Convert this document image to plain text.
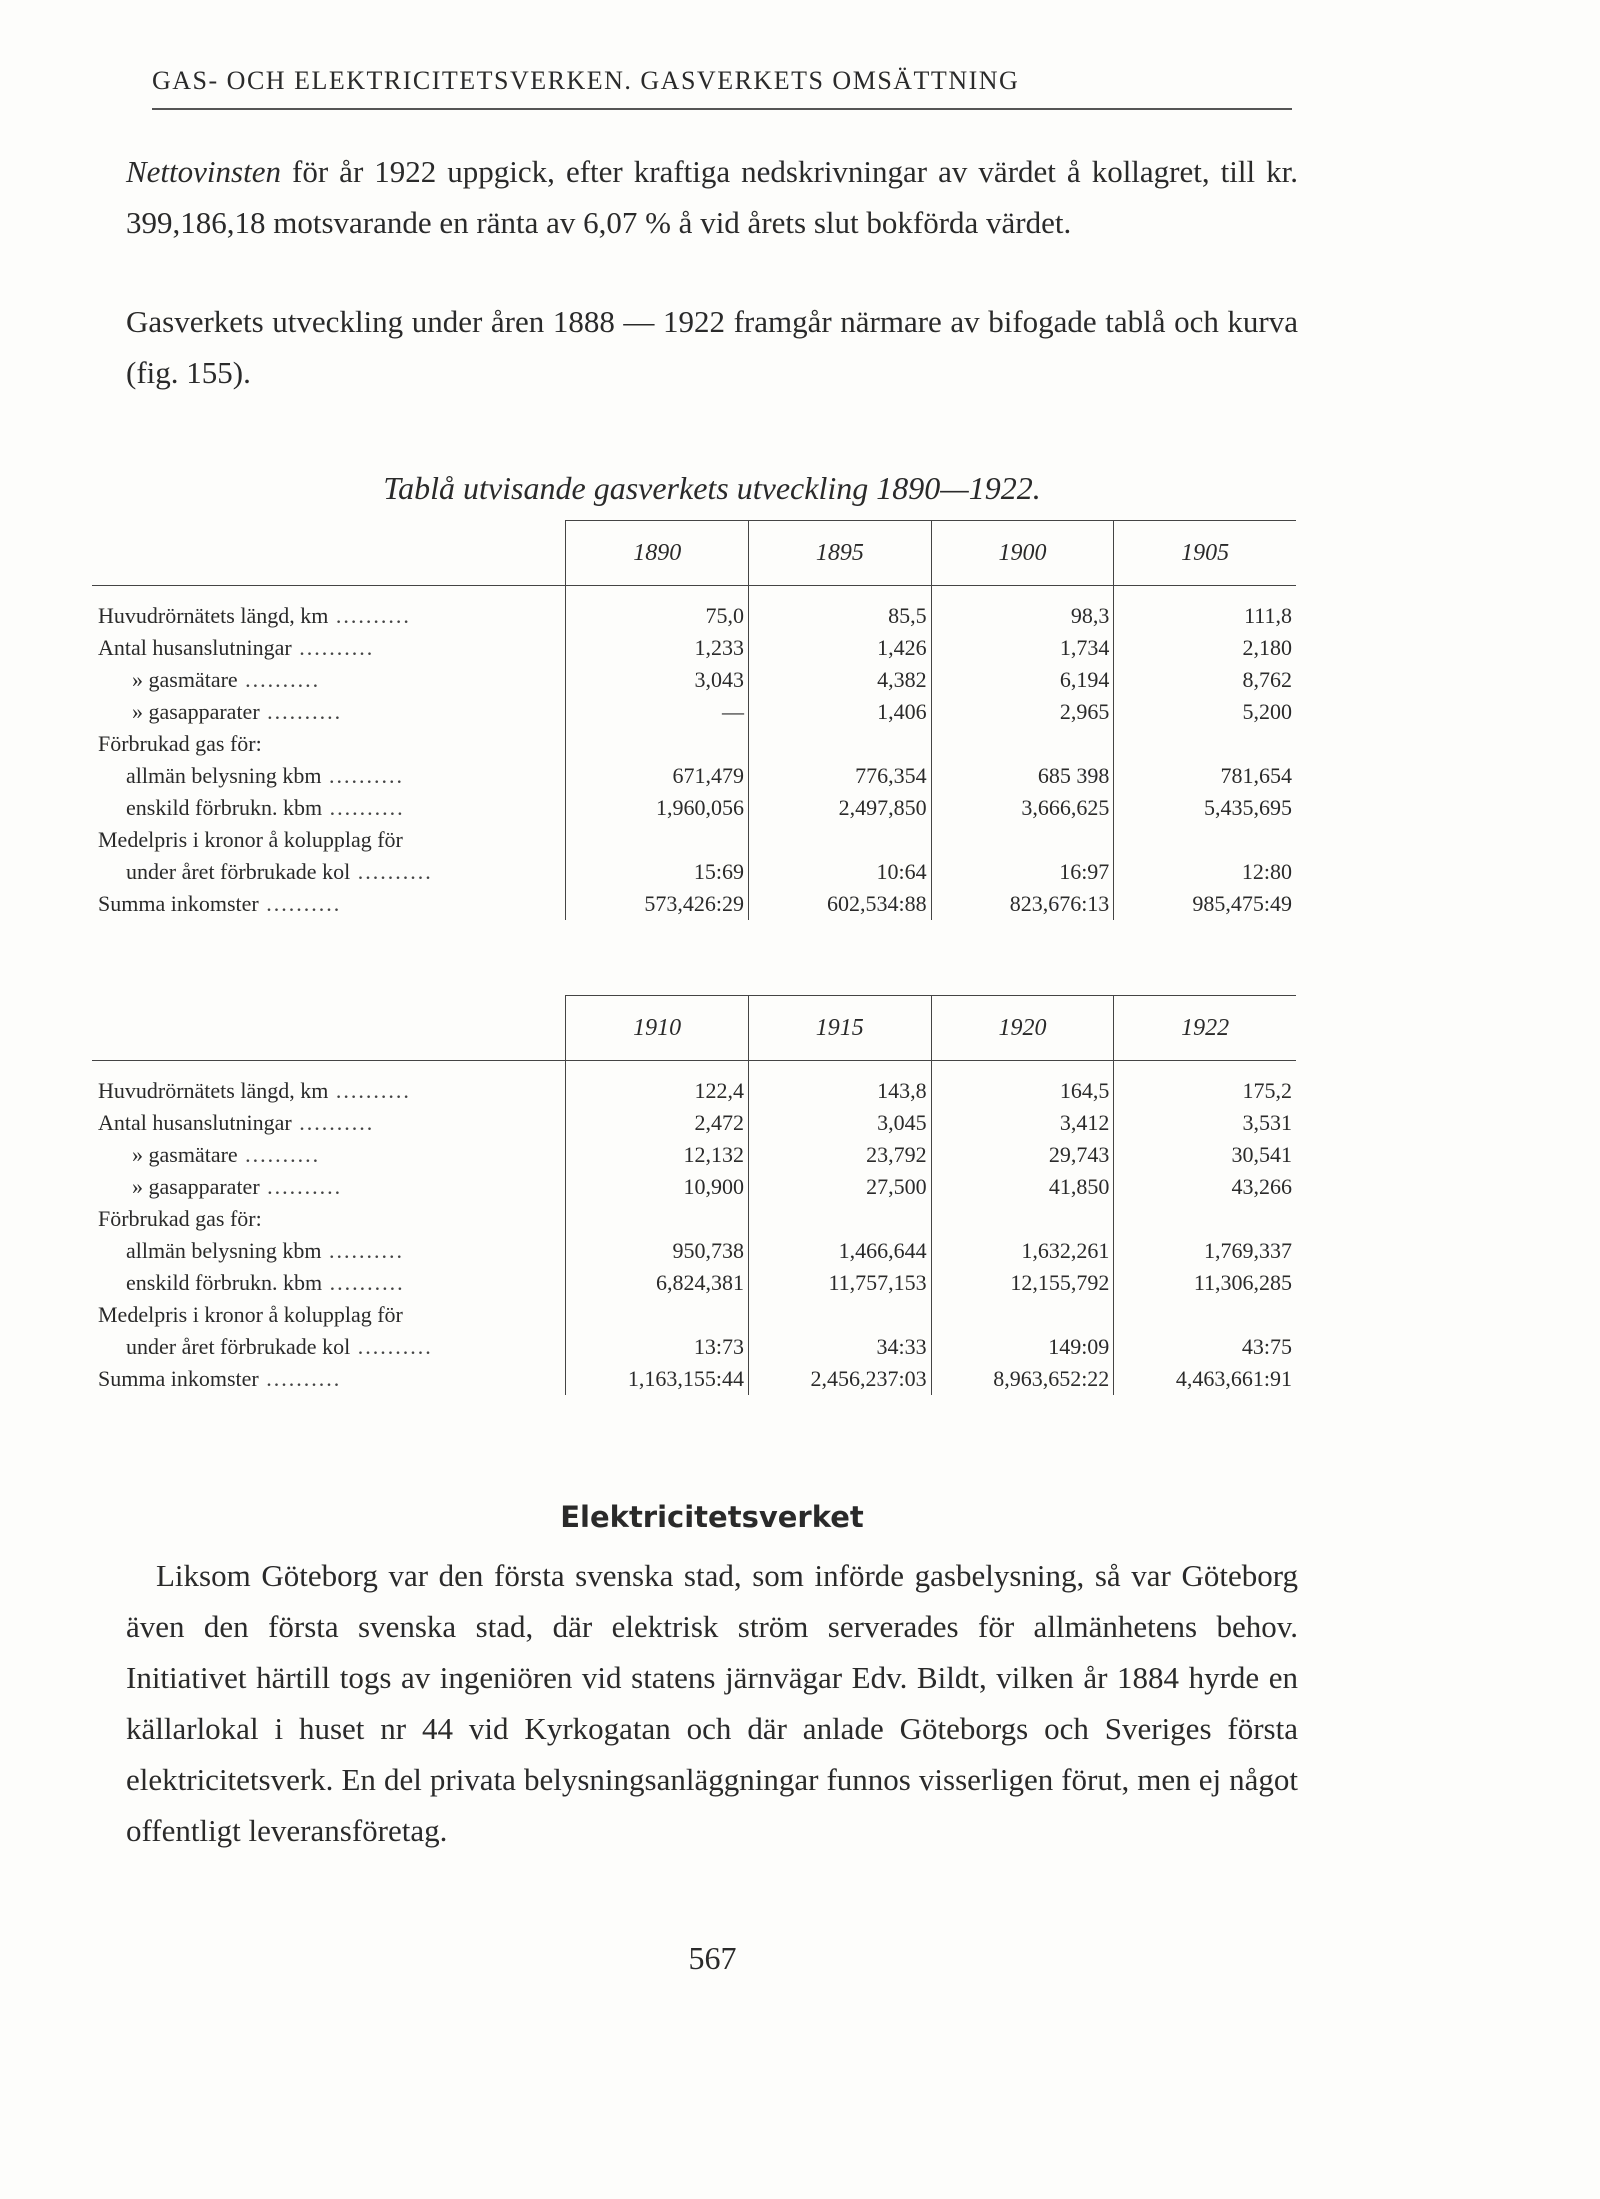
GAS- OCH ELEKTRICITETSVERKEN. GASVERKETS OMSÄTTNING

Nettovinsten för år 1922 uppgick, efter kraftiga nedskrivningar av värdet å kollagret, till kr. 399,186,18 motsvarande en ränta av 6,07 % å vid årets slut bokförda värdet.

Gasverkets utveckling under åren 1888 — 1922 framgår närmare av bifogade tablå och kurva (fig. 155).

Tablå utvisande gasverkets utveckling 1890—1922.
	1890	1895	1900	1905

Huvudrörnätets längd, km ..........	75,0	85,5	98,3	111,8
Antal husanslutningar ..........	1,233	1,426	1,734	2,180
» gasmätare ..........	3,043	4,382	6,194	8,762
» gasapparater ..........	—	1,406	2,965	5,200
Förbrukad gas för:				
allmän belysning kbm ..........	671,479	776,354	685 398	781,654
enskild förbrukn. kbm ..........	1,960,056	2,497,850	3,666,625	5,435,695
Medelpris i kronor å kolupplag för				
under året förbrukade kol ..........	15:69	10:64	16:97	12:80
Summa inkomster ..........	573,426:29	602,534:88	823,676:13	985,475:49
	1910	1915	1920	1922

Huvudrörnätets längd, km ..........	122,4	143,8	164,5	175,2
Antal husanslutningar ..........	2,472	3,045	3,412	3,531
» gasmätare ..........	12,132	23,792	29,743	30,541
» gasapparater ..........	10,900	27,500	41,850	43,266
Förbrukad gas för:				
allmän belysning kbm ..........	950,738	1,466,644	1,632,261	1,769,337
enskild förbrukn. kbm ..........	6,824,381	11,757,153	12,155,792	11,306,285
Medelpris i kronor å kolupplag för				
under året förbrukade kol ..........	13:73	34:33	149:09	43:75
Summa inkomster ..........	1,163,155:44	2,456,237:03	8,963,652:22	4,463,661:91
Elektricitetsverket

Liksom Göteborg var den första svenska stad, som införde gasbelysning, så var Göteborg även den första svenska stad, där elektrisk ström serverades för allmänhetens behov. Initiativet härtill togs av ingeniören vid statens järnvägar Edv. Bildt, vilken år 1884 hyrde en källarlokal i huset nr 44 vid Kyrkogatan och där anlade Göteborgs och Sveriges första elektricitetsverk. En del privata belysningsanläggningar funnos visserligen förut, men ej något offentligt leveransföretag.

567
